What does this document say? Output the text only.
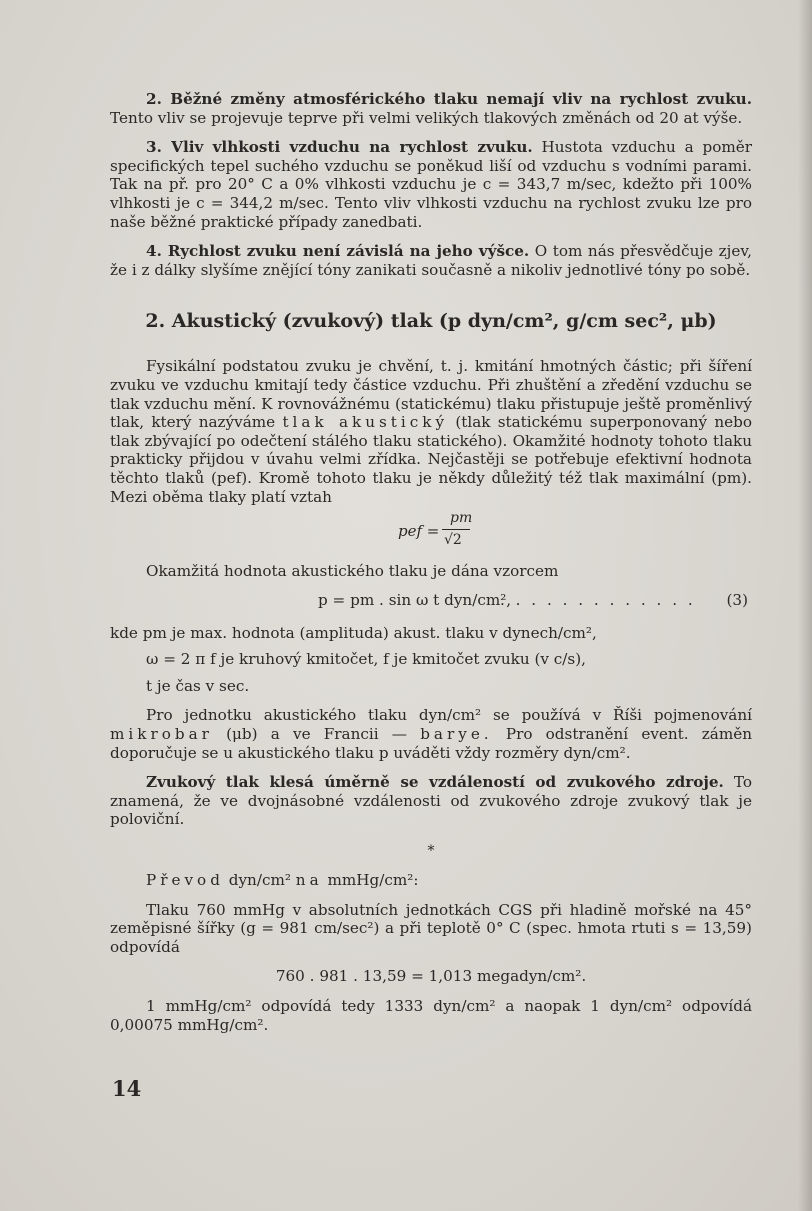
2. Běžné změny atmosférického tlaku nemají vliv na rychlost zvuku. Tento vliv se projevuje teprve při velmi velikých tlakových změnách od 20 at výše.

3. Vliv vlhkosti vzduchu na rychlost zvuku. Hustota vzduchu a poměr specifických tepel suchého vzduchu se poněkud liší od vzduchu s vodními parami. Tak na př. pro 20° C a 0% vlhkosti vzduchu je c = 343,7 m/sec, kdežto při 100% vlhkosti je c = 344,2 m/sec. Tento vliv vlhkosti vzduchu na rychlost zvuku lze pro naše běžné praktické případy zanedbati.

4. Rychlost zvuku není závislá na jeho výšce. O tom nás přesvědčuje zjev, že i z dálky slyšíme znějící tóny zanikati současně a nikoliv jednotlivé tóny po sobě.

2. Akustický (zvukový) tlak (p dyn/cm², g/cm sec², μb)

Fysikální podstatou zvuku je chvění, t. j. kmitání hmotných částic; při šíření zvuku ve vzduchu kmitají tedy částice vzduchu. Při zhuštění a zředění vzduchu se tlak vzduchu mění. K rovnovážnému (statickému) tlaku přistupuje ještě proměnlivý tlak, který nazýváme tlak akustický (tlak statickému superponovaný nebo tlak zbývající po odečtení stálého tlaku statického). Okamžité hodnoty tohoto tlaku prakticky přijdou v úvahu velmi zřídka. Nejčastěji se potřebuje efektivní hodnota těchto tlaků (pef). Kromě tohoto tlaku je někdy důležitý též tlak maximální (pm). Mezi oběma tlaky platí vztah

pef =
pm
√2

Okamžitá hodnota akustického tlaku je dána vzorcem

p = pm . sin ω t dyn/cm²,
. . . . . . . . . . . . . (3)

kde pm je max. hodnota (amplituda) akust. tlaku v dynech/cm²,

ω = 2 π f je kruhový kmitočet, f je kmitočet zvuku (v c/s),

t je čas v sec.

Pro jednotku akustického tlaku dyn/cm² se používá v Říši pojmenování mikrobar (μb) a ve Francii — barye. Pro odstranění event. záměn doporučuje se u akustického tlaku p uváděti vždy rozměry dyn/cm².

Zvukový tlak klesá úměrně se vzdáleností od zvukového zdroje. To znamená, že ve dvojnásobné vzdálenosti od zvukového zdroje zvukový tlak je poloviční.

*

Převod dyn/cm² na mmHg/cm²:

Tlaku 760 mmHg v absolutních jednotkách CGS při hladině mořské na 45° zeměpisné šířky (g = 981 cm/sec²) a při teplotě 0° C (spec. hmota rtuti s = 13,59) odpovídá

760 . 981 . 13,59 = 1,013 megadyn/cm².

1 mmHg/cm² odpovídá tedy 1333 dyn/cm² a naopak 1 dyn/cm² odpovídá 0,00075 mmHg/cm².

14
